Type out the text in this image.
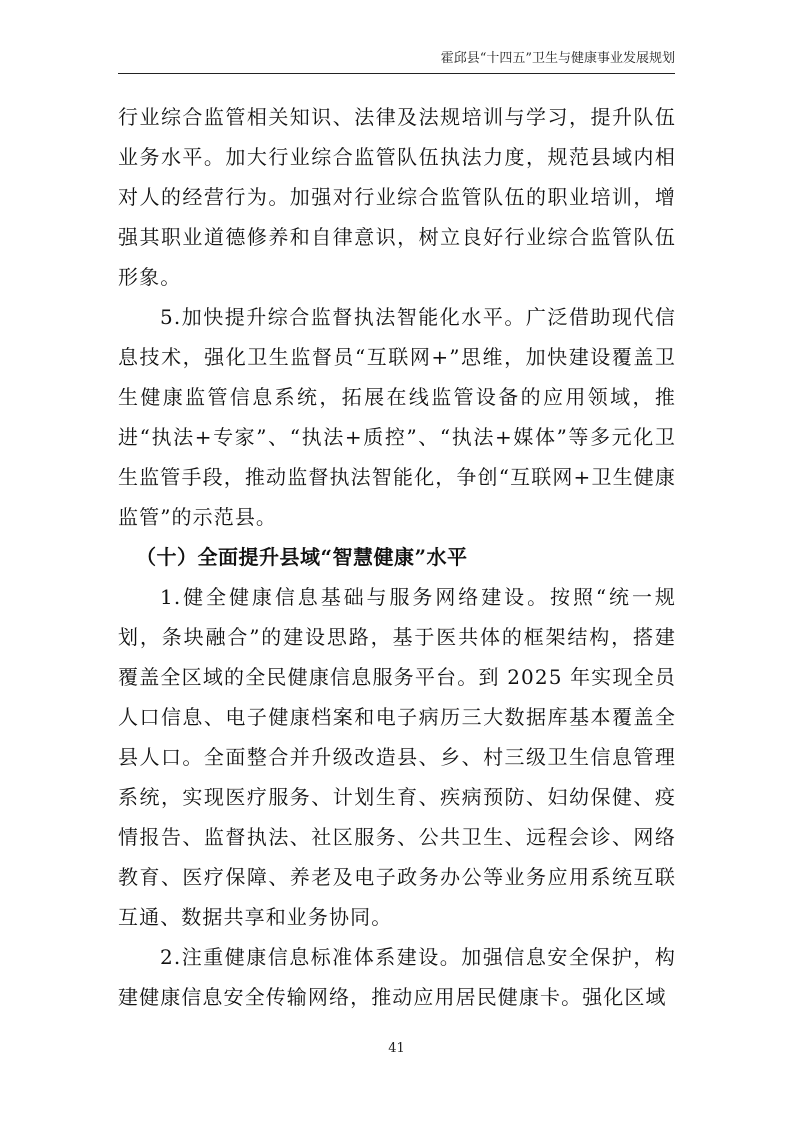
霍邱县“十四五”卫生与健康事业发展规划

行业综合监管相关知识、法律及法规培训与学习，提升队伍业务水平。加大行业综合监管队伍执法力度，规范县域内相对人的经营行为。加强对行业综合监管队伍的职业培训，增强其职业道德修养和自律意识，树立良好行业综合监管队伍形象。

5.加快提升综合监督执法智能化水平。广泛借助现代信息技术，强化卫生监督员“互联网+”思维，加快建设覆盖卫生健康监管信息系统，拓展在线监管设备的应用领域，推进“执法+专家”、“执法+质控”、“执法+媒体”等多元化卫生监管手段，推动监督执法智能化，争创“互联网+卫生健康监管”的示范县。

（十）全面提升县域“智慧健康”水平

1.健全健康信息基础与服务网络建设。按照“统一规划，条块融合”的建设思路，基于医共体的框架结构，搭建覆盖全区域的全民健康信息服务平台。到 2025 年实现全员人口信息、电子健康档案和电子病历三大数据库基本覆盖全县人口。全面整合并升级改造县、乡、村三级卫生信息管理系统，实现医疗服务、计划生育、疾病预防、妇幼保健、疫情报告、监督执法、社区服务、公共卫生、远程会诊、网络教育、医疗保障、养老及电子政务办公等业务应用系统互联互通、数据共享和业务协同。

2.注重健康信息标准体系建设。加强信息安全保护，构建健康信息安全传输网络，推动应用居民健康卡。强化区域

41
